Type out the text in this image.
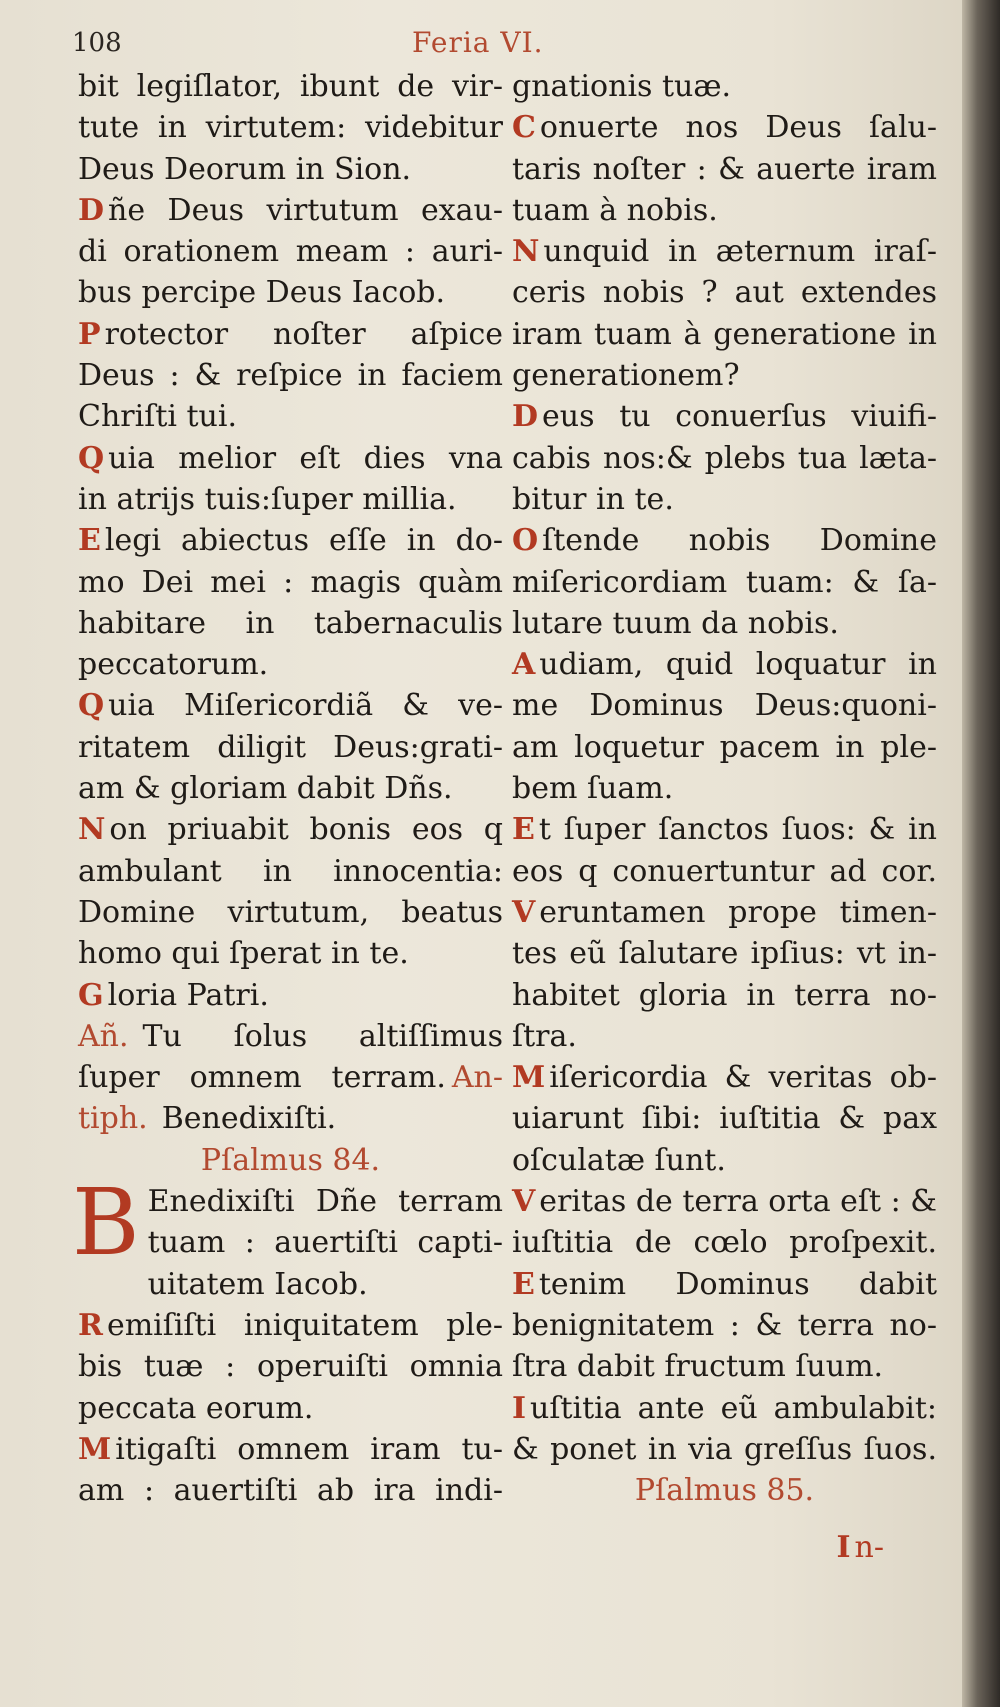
108	Feria VI.
bit legiſlator, ibunt de vir-
tute in virtutem: videbitur
Deus Deorum in Sion.
D ñe Deus virtutum exau-
di orationem meam : auri-
bus percipe Deus Iacob.
P rotector noſter aſpice
Deus : & reſpice in faciem
Chriſti tui.
Q uia melior eſt dies vna
in atrijs tuis:ſuper millia.
E legi abiectus eſſe in do-
mo Dei mei : magis quàm
habitare in tabernaculis
peccatorum.
Q uia Miſericordiã & ve-
ritatem diligit Deus:grati-
am & gloriam dabit Dñs.
N on priuabit bonis eos q
ambulant in innocentia:
Domine virtutum, beatus
homo qui ſperat in te.
G loria Patri.
Añ. Tu ſolus altiſſimus
ſuper omnem terram. An-
tiph. Benedixiſti.
Pſalmus 84.
B Enedixiſti Dñe terram
tuam : auertiſti capti-
uitatem Iacob.
R emiſiſti iniquitatem ple-
bis tuæ : operuiſti omnia
peccata eorum.
M itigaſti omnem iram tu-
am : auertiſti ab ira indi-
gnationis tuæ.
C onuerte nos Deus ſalu-
taris noſter : & auerte iram
tuam à nobis.
N unquid in æternum iraſ-
ceris nobis ? aut extendes
iram tuam à generatione in
generationem?
D eus tu conuerſus viuifi-
cabis nos:& plebs tua læta-
bitur in te.
O ſtende nobis Domine
miſericordiam tuam: & ſa-
lutare tuum da nobis.
A udiam, quid loquatur in
me Dominus Deus:quoni-
am loquetur pacem in ple-
bem ſuam.
E t ſuper ſanctos ſuos: & in
eos q conuertuntur ad cor.
V eruntamen prope timen-
tes eũ ſalutare ipſius: vt in-
habitet gloria in terra no-
ſtra.
M iſericordia & veritas ob-
uiarunt ſibi: iuſtitia & pax
oſculatæ ſunt.
V eritas de terra orta eſt : &
iuſtitia de cœlo proſpexit.
E tenim Dominus dabit
benignitatem : & terra no-
ſtra dabit fructum ſuum.
I uſtitia ante eũ ambulabit:
& ponet in via greſſus ſuos.
Pſalmus 85.
I n-
